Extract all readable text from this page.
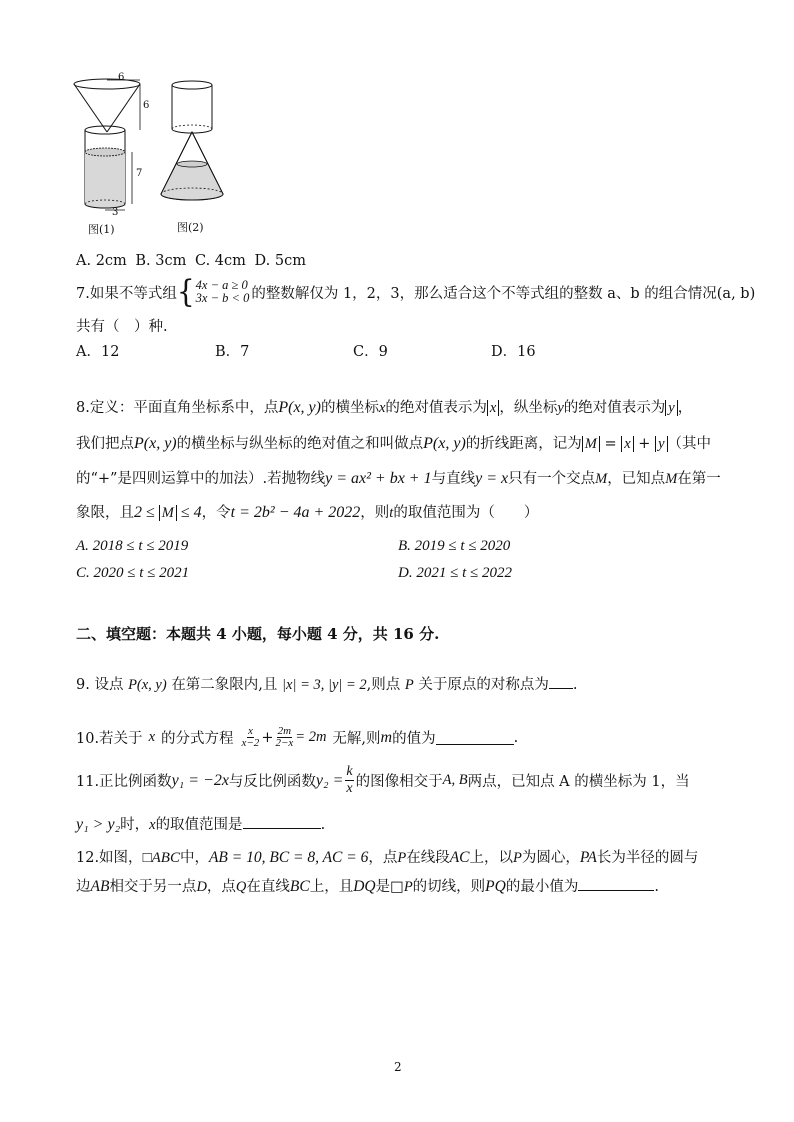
6
6
7
3
图(1)	图(2)
A. 2cm B. 3cm C. 4cm D. 5cm
7.如果不等式组 { 4x − a ≥ 0
3x − b < 0 的整数解仅为 1，2，3，那么适合这个不等式组的整数 a、b 的组合情况(a, b)
共有（　）种.
A．12	B．7	C．9	D．16
8.定义：平面直角坐标系中，点P(x, y)的横坐标x的绝对值表示为 x ，纵坐标y的绝对值表示为 y ，
我们把点P(x, y)的横坐标与纵坐标的绝对值之和叫做点P(x, y)的折线距离，记为 M = x + y （其中
的“+”是四则运算中的加法）.若抛物线y = ax² + bx + 1与直线y = x只有一个交点M，已知点M在第一
象限，且2 ≤ M ≤ 4，令t = 2b² − 4a + 2022，则t的取值范围为（　　）
A. 2018 ≤ t ≤ 2019	B. 2019 ≤ t ≤ 2020
C. 2020 ≤ t ≤ 2021	D. 2021 ≤ t ≤ 2022
二、填空题：本题共 4 小题，每小题 4 分，共 16 分.
9. 设点 P(x, y) 在第二象限内,且 |x| = 3, |y| = 2,则点 P 关于原点的对称点为 .
10.若关于 x 的分式方程 $\frac{x}{x-2} + \frac{2m}{2-x} = 2m$ 无解,则 m 的值为	.
11.正比例函数 y₁ = −2x 与反比例函数 $y_2 = \frac{k}{x}$ 的图像相交于 A, B 两点，已知点 A 的横坐标为 1，当
y₁ > y₂时，x的取值范围是	.
12.如图，□ABC中，AB = 10, BC = 8, AC = 6，点P在线段AC上，以P为圆心，PA长为半径的圆与
边AB相交于另一点D，点Q在直线BC上，且DQ是□P的切线，则PQ的最小值为	.
2
